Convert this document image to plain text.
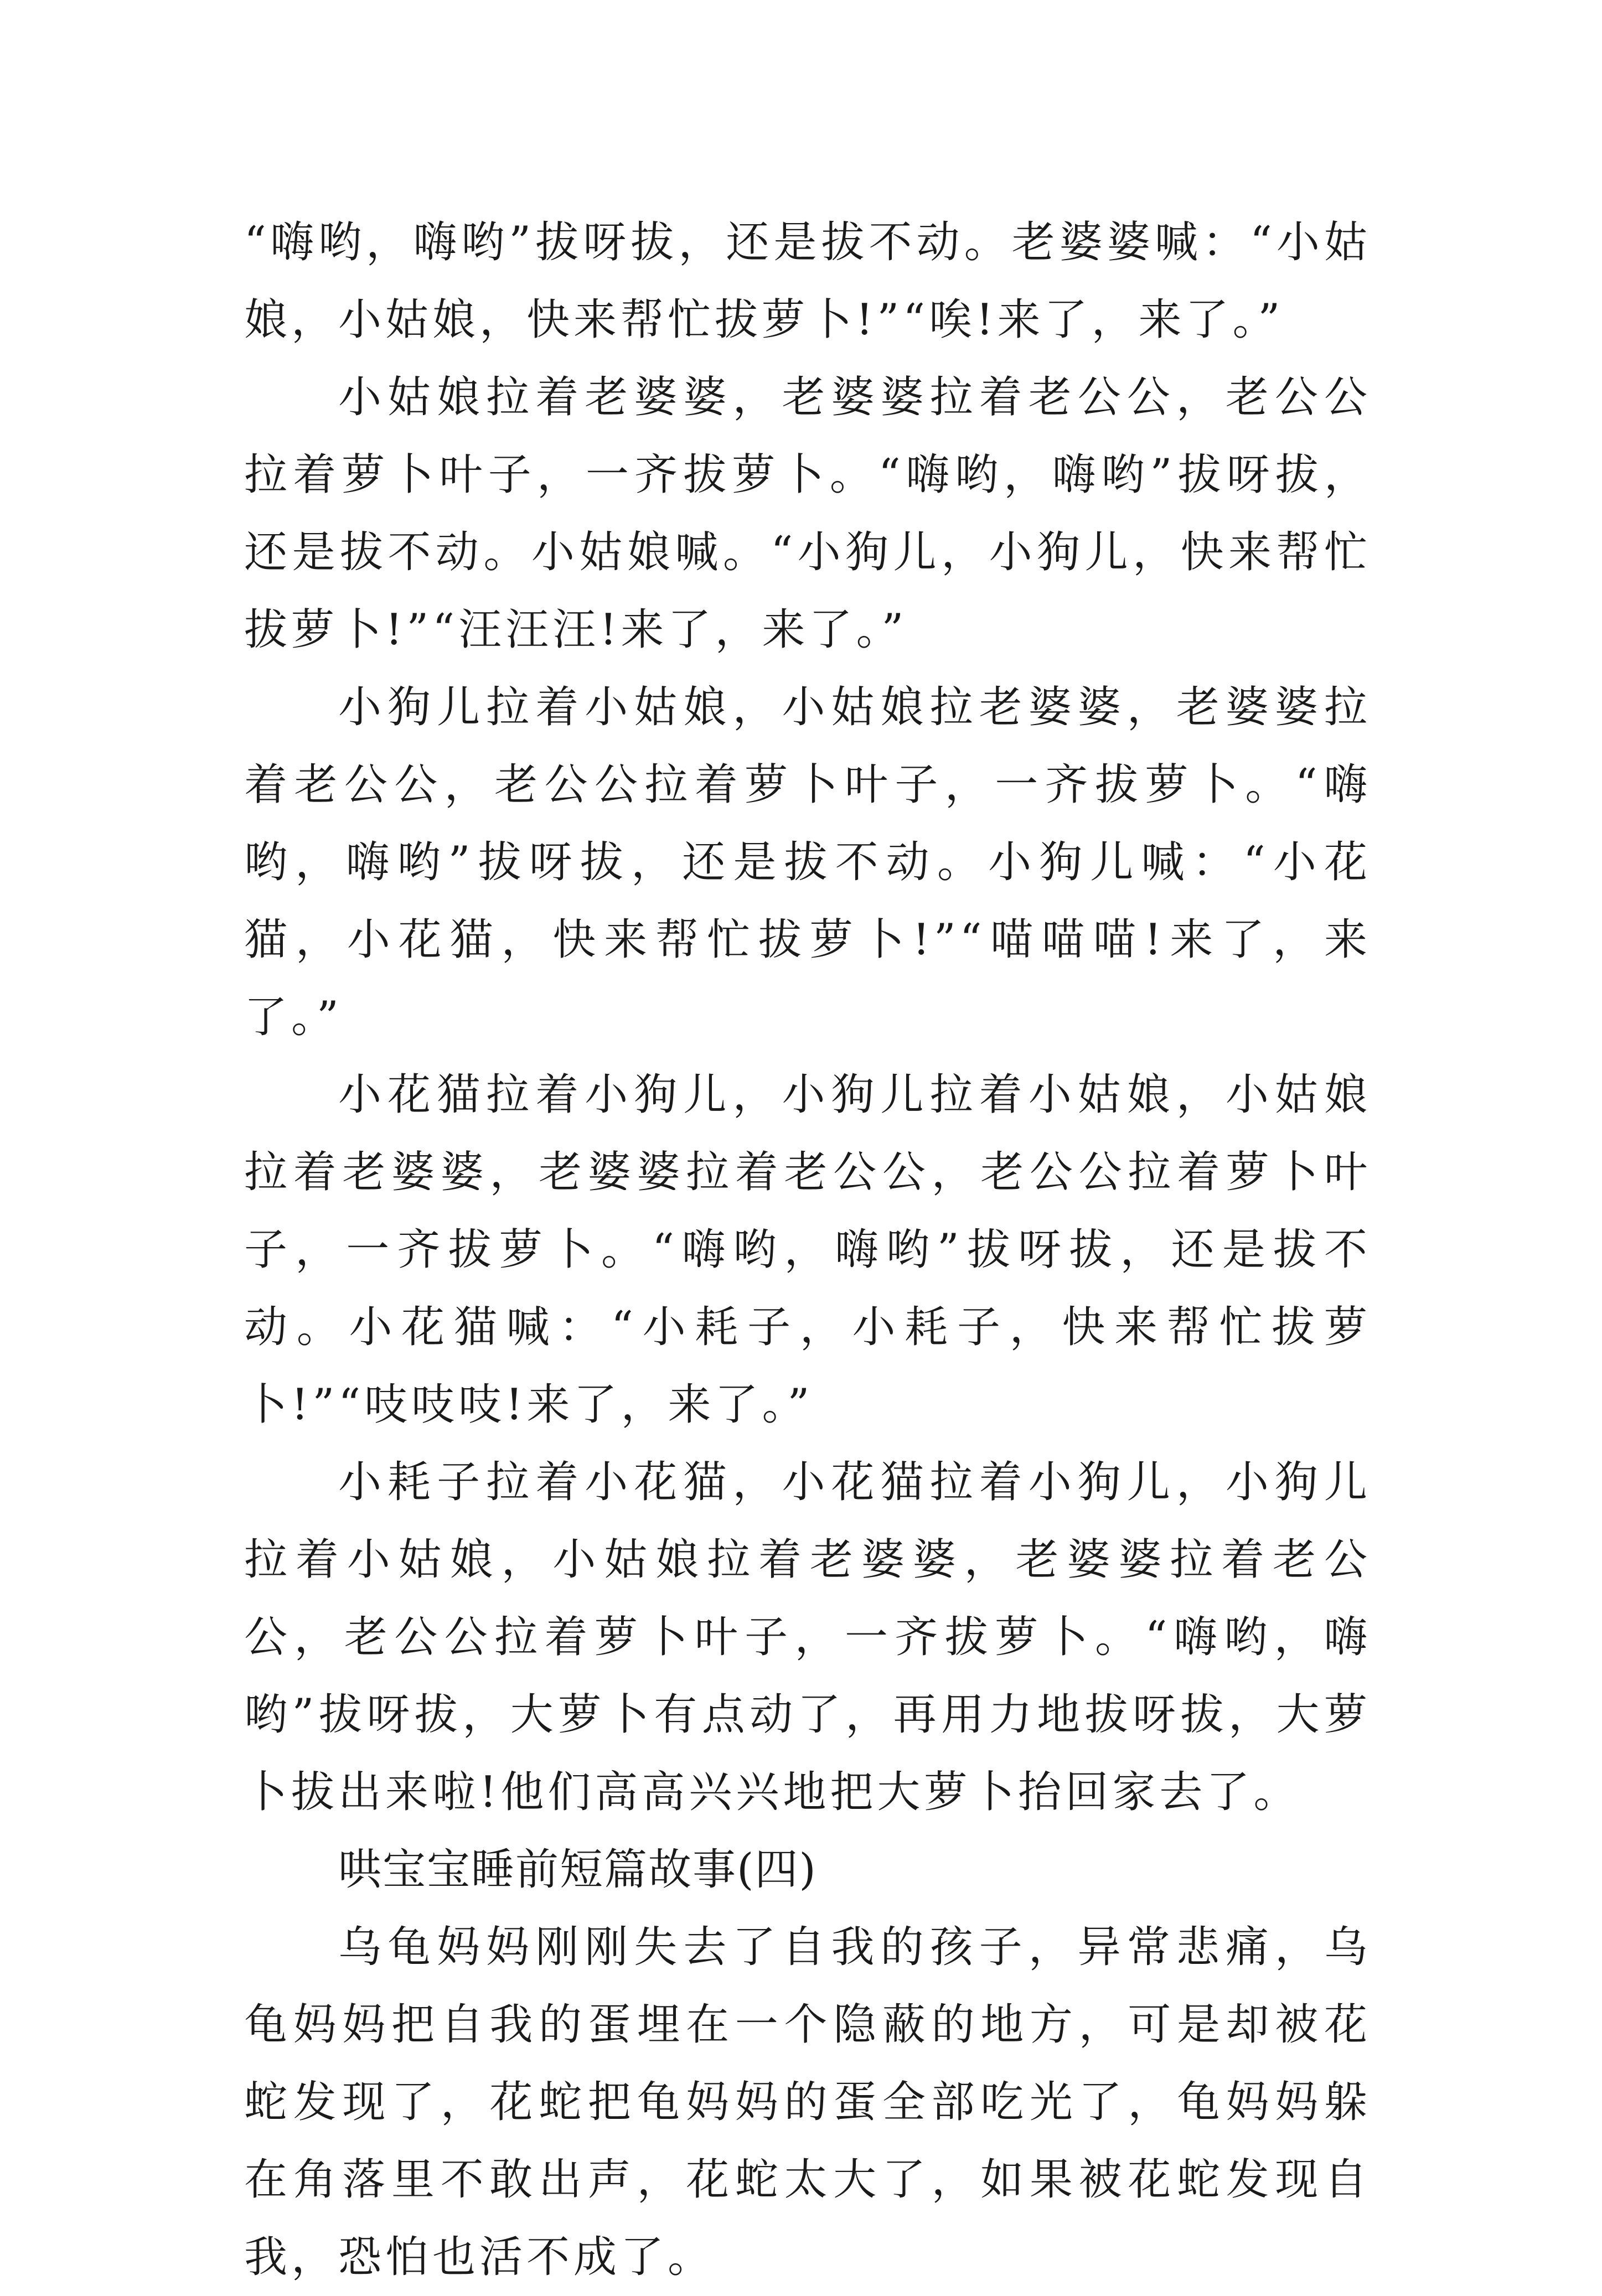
“嗨哟，嗨哟”拔呀拔，还是拔不动。老婆婆喊：“小姑娘，小姑娘，快来帮忙拔萝卜!”“唉!来了，来了。”

小姑娘拉着老婆婆，老婆婆拉着老公公，老公公拉着萝卜叶子，一齐拔萝卜。“嗨哟，嗨哟”拔呀拔，还是拔不动。小姑娘喊。“小狗儿，小狗儿，快来帮忙拔萝卜!”“汪汪汪!来了，来了。”

小狗儿拉着小姑娘，小姑娘拉老婆婆，老婆婆拉着老公公，老公公拉着萝卜叶子，一齐拔萝卜。“嗨哟，嗨哟”拔呀拔，还是拔不动。小狗儿喊：“小花猫，小花猫，快来帮忙拔萝卜!”“喵喵喵!来了，来了。”

小花猫拉着小狗儿，小狗儿拉着小姑娘，小姑娘拉着老婆婆，老婆婆拉着老公公，老公公拉着萝卜叶子，一齐拔萝卜。“嗨哟，嗨哟”拔呀拔，还是拔不动。小花猫喊：“小耗子，小耗子，快来帮忙拔萝卜!”“吱吱吱!来了，来了。”

小耗子拉着小花猫，小花猫拉着小狗儿，小狗儿拉着小姑娘，小姑娘拉着老婆婆，老婆婆拉着老公公，老公公拉着萝卜叶子，一齐拔萝卜。“嗨哟，嗨哟”拔呀拔，大萝卜有点动了，再用力地拔呀拔，大萝卜拔出来啦!他们高高兴兴地把大萝卜抬回家去了。

哄宝宝睡前短篇故事(四)

乌龟妈妈刚刚失去了自我的孩子，异常悲痛，乌龟妈妈把自我的蛋埋在一个隐蔽的地方，可是却被花蛇发现了，花蛇把龟妈妈的蛋全部吃光了，龟妈妈躲在角落里不敢出声，花蛇太大了，如果被花蛇发现自我，恐怕也活不成了。
